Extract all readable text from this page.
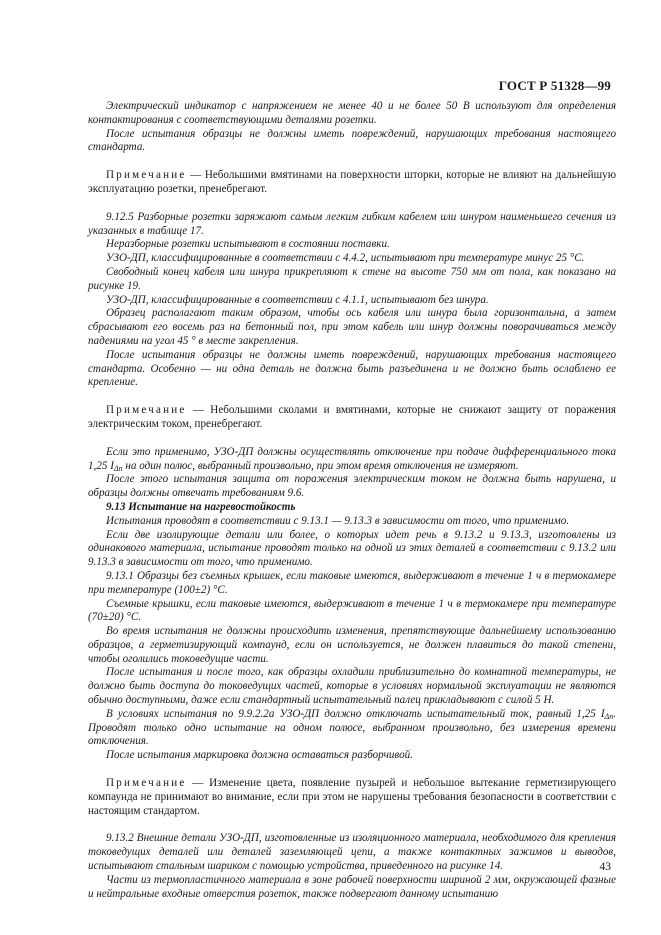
ГОСТ Р 51328—99

Электрический индикатор с напряжением не менее 40 и не более 50 В используют для определения контактирования с соответствующими деталями розетки.

После испытания образцы не должны иметь повреждений, нарушающих требования настоящего стандарта.

Примечание — Небольшими вмятинами на поверхности шторки, которые не влияют на дальнейшую эксплуатацию розетки, пренебрегают.

9.12.5 Разборные розетки заряжают самым легким гибким кабелем или шнуром наименьшего сечения из указанных в таблице 17.

Неразборные розетки испытывают в состоянии поставки.

УЗО-ДП, классифицированные в соответствии с 4.4.2, испытывают при температуре минус 25 °С.

Свободный конец кабеля или шнура прикрепляют к стене на высоте 750 мм от пола, как показано на рисунке 19.

УЗО-ДП, классифицированные в соответствии с 4.1.1, испытывают без шнура.

Образец располагают таким образом, чтобы ось кабеля или шнура была горизонтальна, а затем сбрасывают его восемь раз на бетонный пол, при этом кабель или шнур должны поворачиваться между падениями на угол 45 ° в месте закрепления.

После испытания образцы не должны иметь повреждений, нарушающих требования настоящего стандарта. Особенно — ни одна деталь не должна быть разъединена и не должно быть ослаблено ее крепление.

Примечание — Небольшими сколами и вмятинами, которые не снижают защиту от поражения электрическим током, пренебрегают.

Если это применимо, УЗО-ДП должны осуществлять отключение при подаче дифференциального тока 1,25 $I_{\Delta n}$ на один полюс, выбранный произвольно, при этом время отключения не измеряют.

После этого испытания защита от поражения электрическим током не должна быть нарушена, и образцы должны отвечать требованиям 9.6.

9.13 Испытание на нагревостойкость

Испытания проводят в соответствии с 9.13.1 — 9.13.3 в зависимости от того, что применимо.

Если две изолирующие детали или более, о которых идет речь в 9.13.2 и 9.13.3, изготовлены из одинакового материала, испытание проводят только на одной из этих деталей в соответствии с 9.13.2 или 9.13.3 в зависимости от того, что применимо.

9.13.1 Образцы без съемных крышек, если таковые имеются, выдерживают в течение 1 ч в термокамере при температуре (100±2) °С.

Съемные крышки, если таковые имеются, выдерживают в течение 1 ч в термокамере при температуре (70±20) °С.

Во время испытания не должны происходить изменения, препятствующие дальнейшему использованию образцов, а герметизирующий компаунд, если он используется, не должен плавиться до такой степени, чтобы оголились токоведущие части.

После испытания и после того, как образцы охладили приблизительно до комнатной температуры, не должно быть доступа до токоведущих частей, которые в условиях нормальной эксплуатации не являются обычно доступными, даже если стандартный испытательный палец прикладывают с силой 5 Н.

В условиях испытания по 9.9.2.2а УЗО-ДП должно отключать испытательный ток, равный 1,25 $I_{\Delta n}$. Проводят только одно испытание на одном полюсе, выбранном произвольно, без измерения времени отключения.

После испытания маркировка должна оставаться разборчивой.

Примечание — Изменение цвета, появление пузырей и небольшое вытекание герметизирующего компаунда не принимают во внимание, если при этом не нарушены требования безопасности в соответствии с настоящим стандартом.

9.13.2 Внешние детали УЗО-ДП, изготовленные из изоляционного материала, необходимого для крепления токоведущих деталей или деталей заземляющей цепи, а также контактных зажимов и выводов, испытывают стальным шариком с помощью устройства, приведенного на рисунке 14.

Части из термопластичного материала в зоне рабочей поверхности шириной 2 мм, окружающей фазные и нейтральные входные отверстия розеток, также подвергают данному испытанию

43
